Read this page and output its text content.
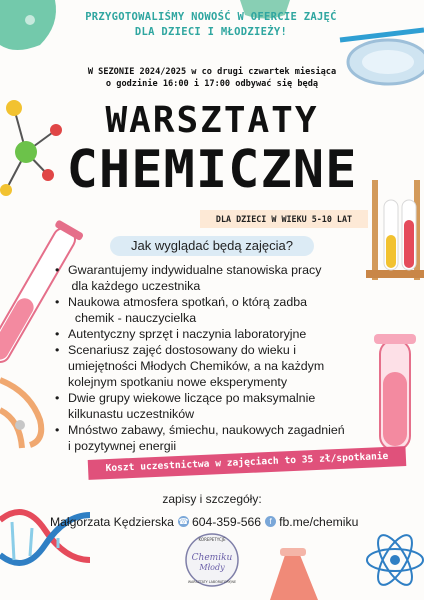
PRZYGOTOWALIŚMY NOWOŚĆ W OFERCIE ZAJĘĆ
DLA DZIECI I MŁODZIEŻY!
W SEZONIE 2024/2025 w co drugi czwartek miesiąca
o godzinie 16:00 i 17:00 odbywać się będą
WARSZTATY
CHEMICZNE
DLA DZIECI W WIEKU 5-10 LAT
Jak wyglądać będą zajęcia?
• Gwarantujemy indywidualne stanowiska pracy
dla każdego uczestnika
• Naukowa atmosfera spotkań, o którą zadba
chemik - nauczycielka
• Autentyczny sprzęt i naczynia laboratoryjne
• Scenariusz zajęć dostosowany do wieku i
umiejętności Młodych Chemików, a na każdym
kolejnym spotkaniu nowe eksperymenty
• Dwie grupy wiekowe liczące po maksymalnie
kilkunastu uczestników
• Mnóstwo zabawy, śmiechu, naukowych zagadnień
i pozytywnej energii
Koszt uczestnictwa w zajęciach to 35 zł/spotkanie
zapisy i szczegóły:
Małgorzata Kędzierska ☎ 604-359-566 f fb.me/chemiku
KOREPETYCJE
Chemiku
Młody
WARSZTATY LABORATORYJNE
